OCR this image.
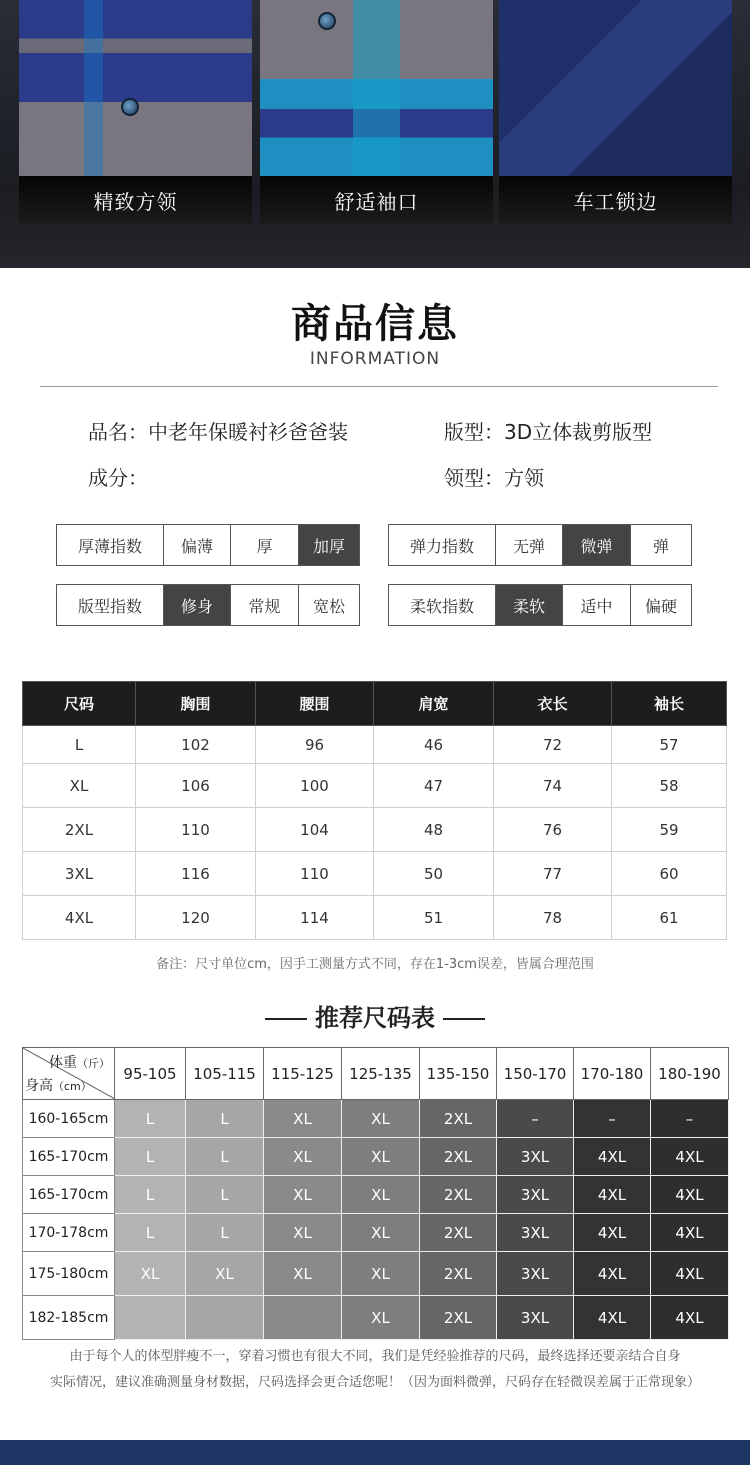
精致方领	舒适袖口	车工锁边
商品信息
INFORMATION
品名：中老年保暖衬衫爸爸装	版型：3D立体裁剪版型
成分：	领型：方领
厚薄指数	偏薄	厚	加厚	弹力指数	无弹	微弹	弹
版型指数	修身	常规	宽松	柔软指数	柔软	适中	偏硬
尺码	胸围	腰围	肩宽	衣长	袖长
L	102	96	46	72	57
XL	106	100	47	74	58
2XL	110	104	48	76	59
3XL	116	110	50	77	60
4XL	120	114	51	78	61
备注：尺寸单位cm，因手工测量方式不同，存在1-3cm误差，皆属合理范围
推荐尺码表
体重（斤）
身高（cm）	95-105	105-115	115-125	125-135	135-150	150-170	170-180	180-190
160-165cm	L	L	XL	XL	2XL	–	–	–
165-170cm	L	L	XL	XL	2XL	3XL	4XL	4XL
165-170cm	L	L	XL	XL	2XL	3XL	4XL	4XL
170-178cm	L	L	XL	XL	2XL	3XL	4XL	4XL
175-180cm	XL	XL	XL	XL	2XL	3XL	4XL	4XL
182-185cm				XL	2XL	3XL	4XL	4XL
由于每个人的体型胖瘦不一，穿着习惯也有很大不同，我们是凭经验推荐的尺码，最终选择还要亲结合自身
实际情况，建议准确测量身材数据，尺码选择会更合适您呢！（因为面料微弹，尺码存在轻微误差属于正常现象）
